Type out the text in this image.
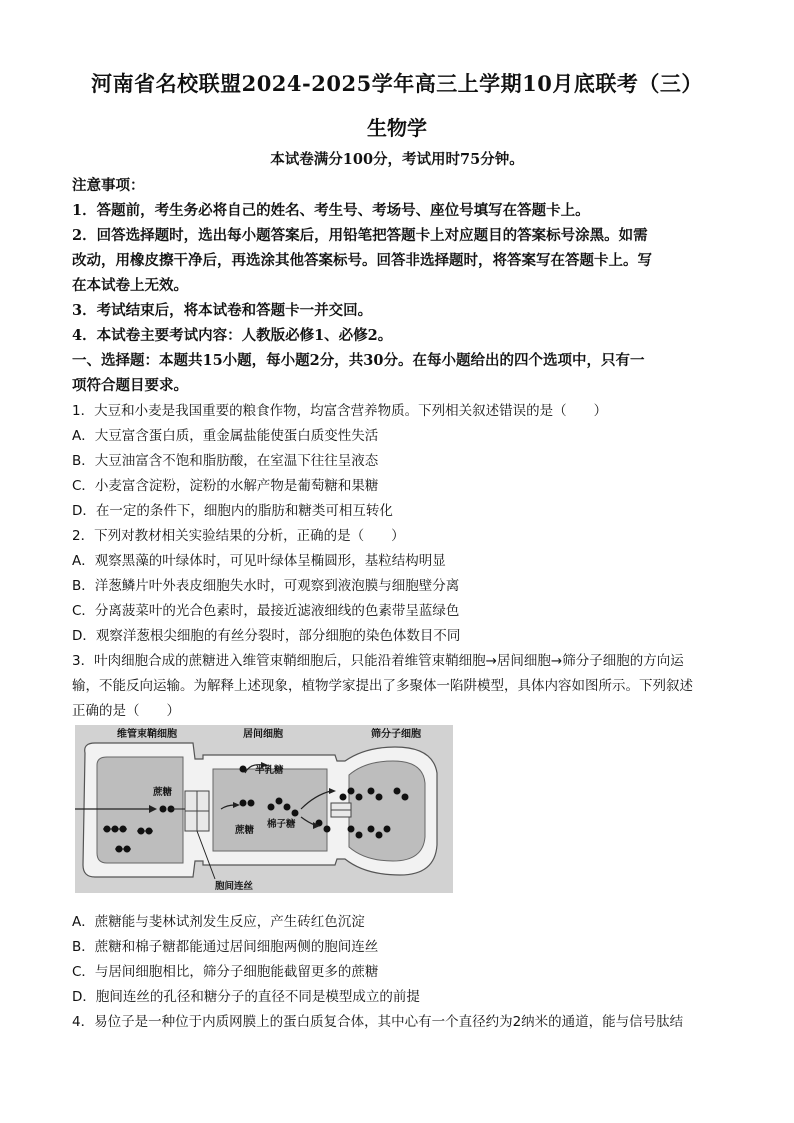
河南省名校联盟2024-2025学年高三上学期10月底联考（三）
生物学
本试卷满分100分，考试用时75分钟。
注意事项：
1．答题前，考生务必将自己的姓名、考生号、考场号、座位号填写在答题卡上。
2．回答选择题时，选出每小题答案后，用铅笔把答题卡上对应题目的答案标号涂黑。如需
改动，用橡皮擦干净后，再选涂其他答案标号。回答非选择题时，将答案写在答题卡上。写
在本试卷上无效。
3．考试结束后，将本试卷和答题卡一并交回。
4．本试卷主要考试内容：人教版必修1、必修2。
一、选择题：本题共15小题，每小题2分，共30分。在每小题给出的四个选项中，只有一
项符合题目要求。
1．大豆和小麦是我国重要的粮食作物，均富含营养物质。下列相关叙述错误的是（　　）
A．大豆富含蛋白质，重金属盐能使蛋白质变性失活
B．大豆油富含不饱和脂肪酸，在室温下往往呈液态
C．小麦富含淀粉，淀粉的水解产物是葡萄糖和果糖
D．在一定的条件下，细胞内的脂肪和糖类可相互转化
2．下列对教材相关实验结果的分析，正确的是（　　）
A．观察黑藻的叶绿体时，可见叶绿体呈椭圆形，基粒结构明显
B．洋葱鳞片叶外表皮细胞失水时，可观察到液泡膜与细胞壁分离
C．分离菠菜叶的光合色素时，最接近滤液细线的色素带呈蓝绿色
D．观察洋葱根尖细胞的有丝分裂时，部分细胞的染色体数目不同
3．叶肉细胞合成的蔗糖进入维管束鞘细胞后，只能沿着维管束鞘细胞→居间细胞→筛分子细胞的方向运
输，不能反向运输。为解释上述现象，植物学家提出了多聚体一陷阱模型，具体内容如图所示。下列叙述
正确的是（　　）
维管束鞘细胞	居间细胞	筛分子细胞
蔗糖
蔗糖
半乳糖
棉子糖
胞间连丝
A．蔗糖能与斐林试剂发生反应，产生砖红色沉淀
B．蔗糖和棉子糖都能通过居间细胞两侧的胞间连丝
C．与居间细胞相比，筛分子细胞能截留更多的蔗糖
D．胞间连丝的孔径和糖分子的直径不同是模型成立的前提
4．易位子是一种位于内质网膜上的蛋白质复合体，其中心有一个直径约为2纳米的通道，能与信号肽结
